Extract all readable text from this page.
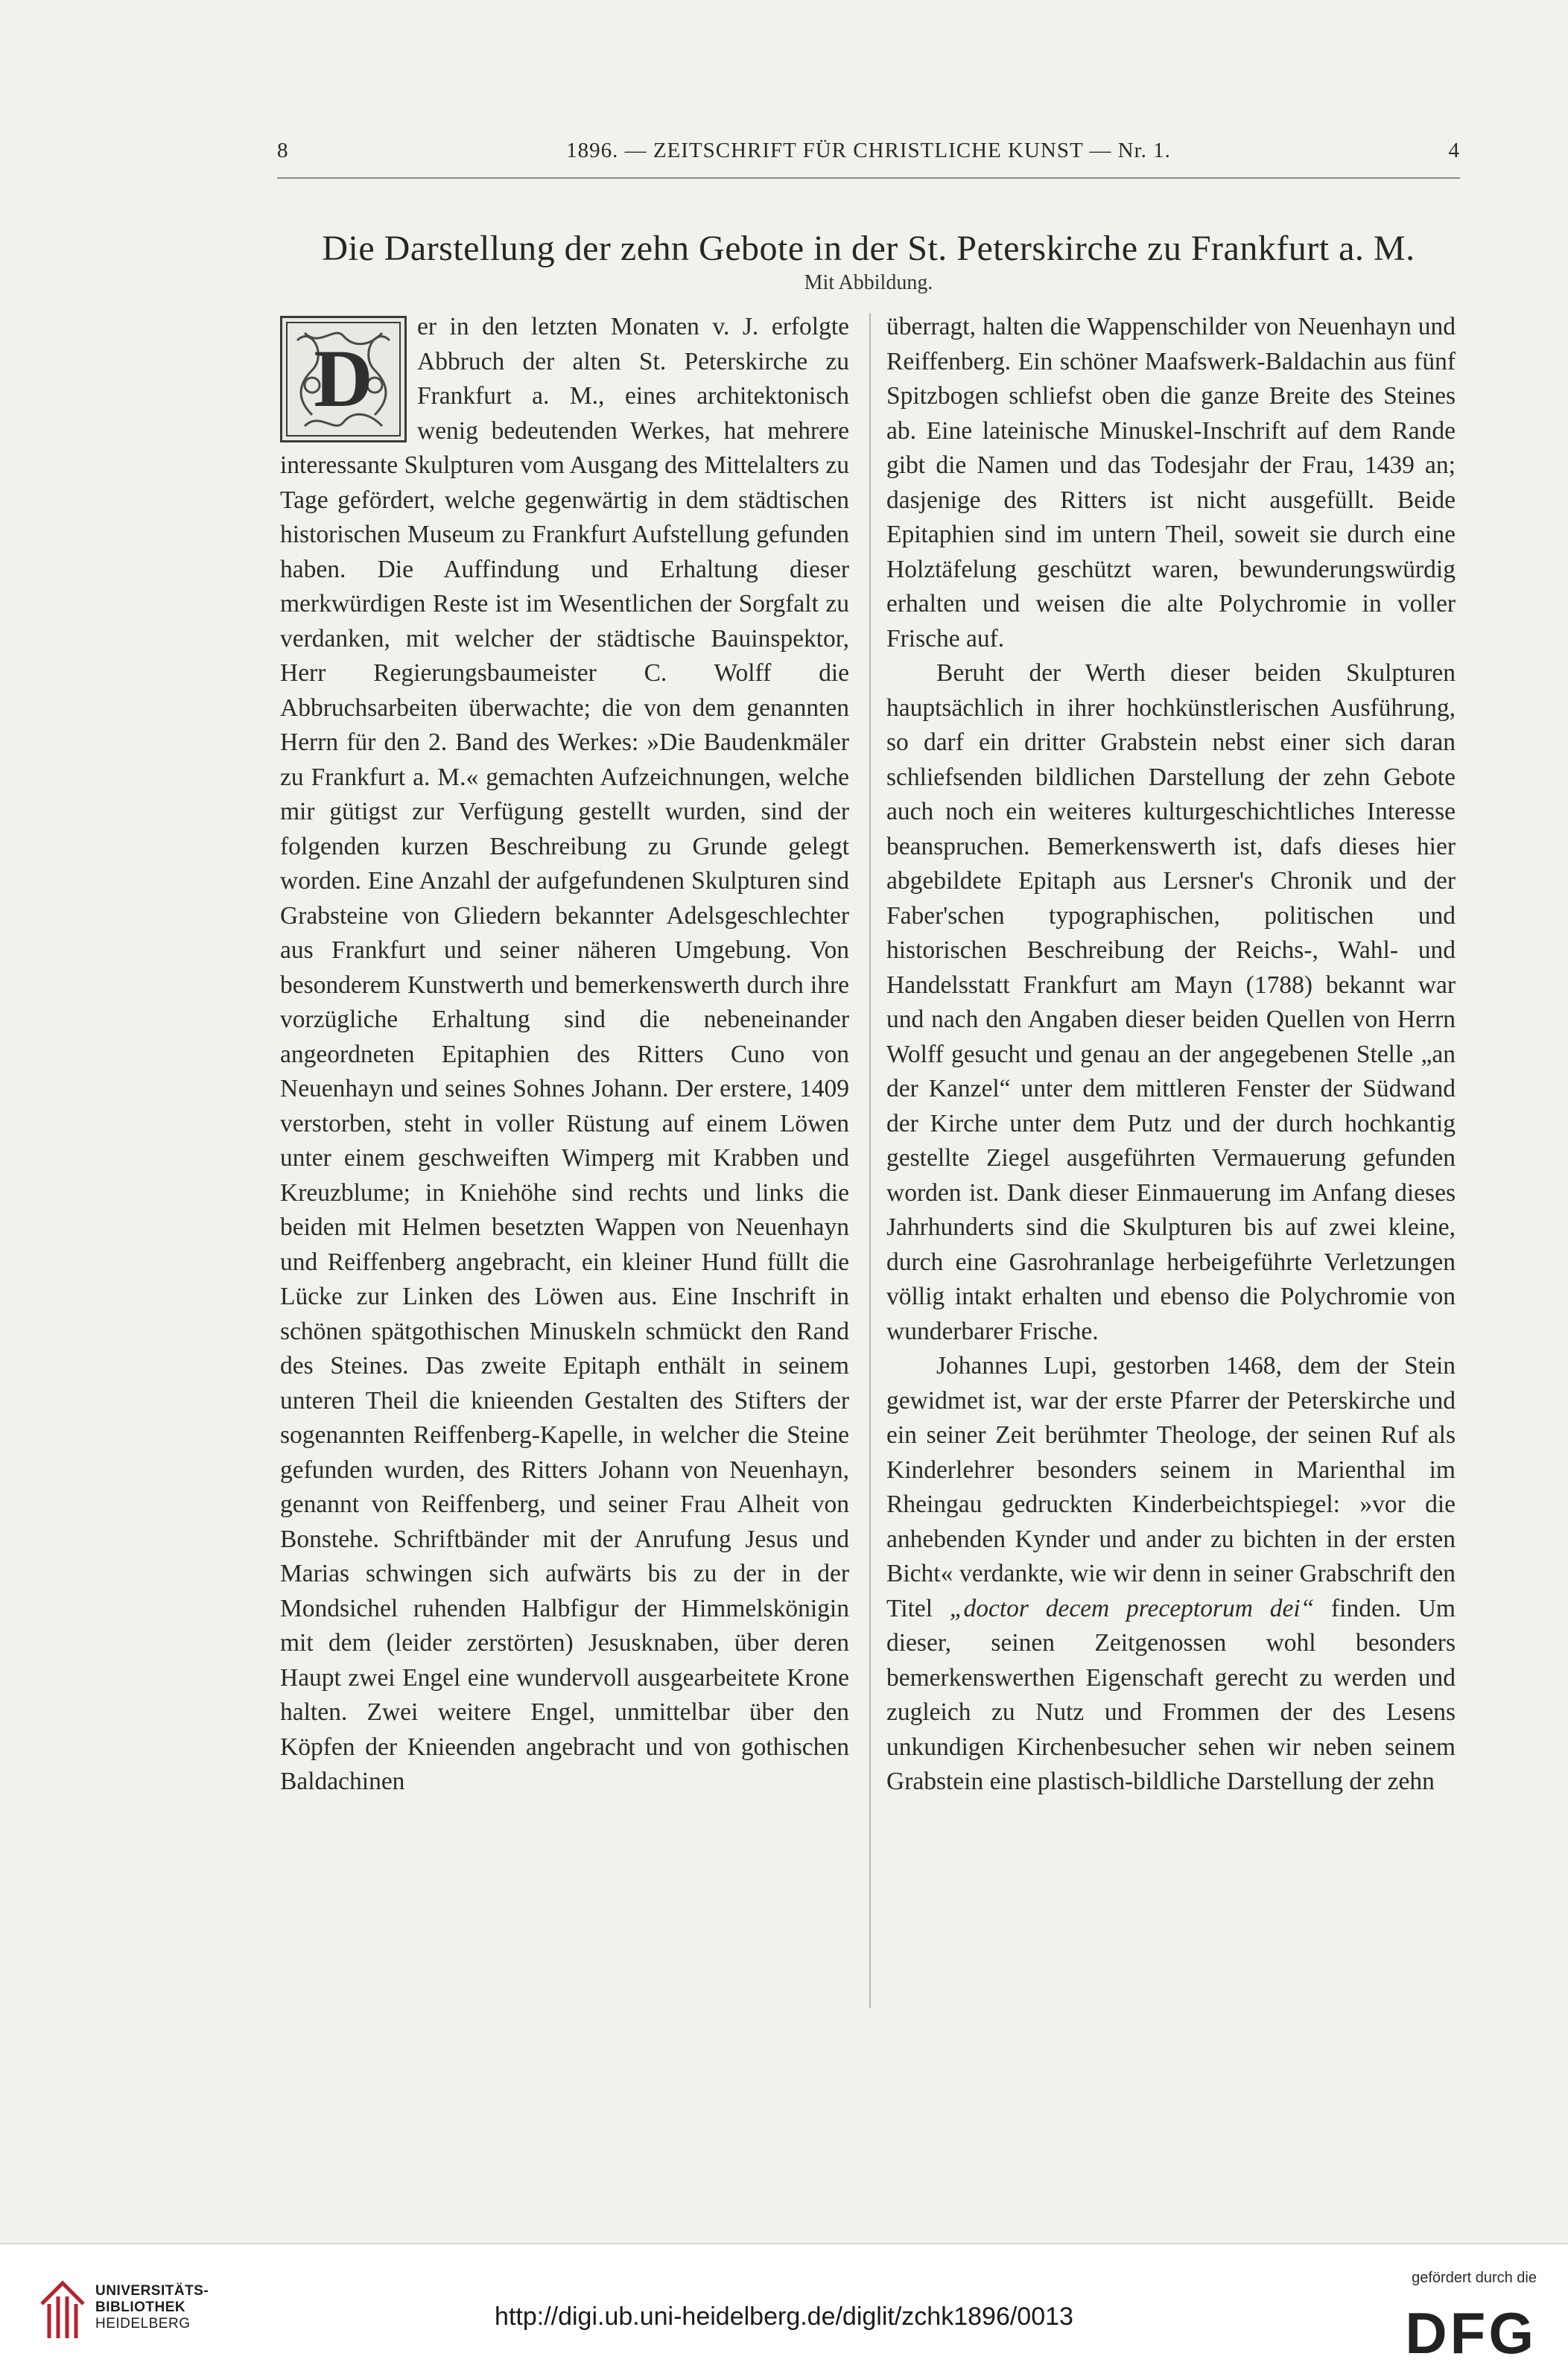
8	1896. — ZEITSCHRIFT FÜR CHRISTLICHE KUNST — Nr. 1.	4
Die Darstellung der zehn Gebote in der St. Peterskirche zu Frankfurt a. M.
Mit Abbildung.
D

er in den letzten Monaten v. J. erfolgte Abbruch der alten St. Peterskirche zu Frankfurt a. M., eines architektonisch wenig bedeutenden Werkes, hat mehrere interessante Skulpturen vom Ausgang des Mittelalters zu Tage gefördert, welche gegenwärtig in dem städtischen historischen Museum zu Frankfurt Aufstellung gefunden haben. Die Auffindung und Erhaltung dieser merkwürdigen Reste ist im Wesentlichen der Sorgfalt zu verdanken, mit welcher der städtische Bauinspektor, Herr Regierungsbaumeister C. Wolff die Abbruchsarbeiten überwachte; die von dem genannten Herrn für den 2. Band des Werkes: »Die Baudenkmäler zu Frankfurt a. M.« gemachten Aufzeichnungen, welche mir gütigst zur Verfügung gestellt wurden, sind der folgenden kurzen Beschreibung zu Grunde gelegt worden. Eine Anzahl der aufgefundenen Skulpturen sind Grabsteine von Gliedern bekannter Adelsgeschlechter aus Frankfurt und seiner näheren Umgebung. Von besonderem Kunstwerth und bemerkenswerth durch ihre vorzügliche Erhaltung sind die nebeneinander angeordneten Epitaphien des Ritters Cuno von Neuenhayn und seines Sohnes Johann. Der erstere, 1409 verstorben, steht in voller Rüstung auf einem Löwen unter einem geschweiften Wimperg mit Krabben und Kreuzblume; in Kniehöhe sind rechts und links die beiden mit Helmen besetzten Wappen von Neuenhayn und Reiffenberg angebracht, ein kleiner Hund füllt die Lücke zur Linken des Löwen aus. Eine Inschrift in schönen spätgothischen Minuskeln schmückt den Rand des Steines. Das zweite Epitaph enthält in seinem unteren Theil die knieenden Gestalten des Stifters der sogenannten Reiffenberg-Kapelle, in welcher die Steine gefunden wurden, des Ritters Johann von Neuenhayn, genannt von Reiffenberg, und seiner Frau Alheit von Bonstehe. Schriftbänder mit der Anrufung Jesus und Marias schwingen sich aufwärts bis zu der in der Mondsichel ruhenden Halbfigur der Himmelskönigin mit dem (leider zerstörten) Jesusknaben, über deren Haupt zwei Engel eine wundervoll ausgearbeitete Krone halten. Zwei weitere Engel, unmittelbar über den Köpfen der Knieenden angebracht und von gothischen Baldachinen

überragt, halten die Wappenschilder von Neuenhayn und Reiffenberg. Ein schöner Maafswerk-Baldachin aus fünf Spitzbogen schliefst oben die ganze Breite des Steines ab. Eine lateinische Minuskel-Inschrift auf dem Rande gibt die Namen und das Todesjahr der Frau, 1439 an; dasjenige des Ritters ist nicht ausgefüllt. Beide Epitaphien sind im untern Theil, soweit sie durch eine Holztäfelung geschützt waren, bewunderungswürdig erhalten und weisen die alte Polychromie in voller Frische auf.

Beruht der Werth dieser beiden Skulpturen hauptsächlich in ihrer hochkünstlerischen Ausführung, so darf ein dritter Grabstein nebst einer sich daran schliefsenden bildlichen Darstellung der zehn Gebote auch noch ein weiteres kulturgeschichtliches Interesse beanspruchen. Bemerkenswerth ist, dafs dieses hier abgebildete Epitaph aus Lersner's Chronik und der Faber'schen typographischen, politischen und historischen Beschreibung der Reichs-, Wahl- und Handelsstatt Frankfurt am Mayn (1788) bekannt war und nach den Angaben dieser beiden Quellen von Herrn Wolff gesucht und genau an der angegebenen Stelle „an der Kanzel“ unter dem mittleren Fenster der Südwand der Kirche unter dem Putz und der durch hochkantig gestellte Ziegel ausgeführten Vermauerung gefunden worden ist. Dank dieser Einmauerung im Anfang dieses Jahrhunderts sind die Skulpturen bis auf zwei kleine, durch eine Gasrohranlage herbeigeführte Verletzungen völlig intakt erhalten und ebenso die Polychromie von wunderbarer Frische.

Johannes Lupi, gestorben 1468, dem der Stein gewidmet ist, war der erste Pfarrer der Peterskirche und ein seiner Zeit berühmter Theologe, der seinen Ruf als Kinderlehrer besonders seinem in Marienthal im Rheingau gedruckten Kinderbeichtspiegel: »vor die anhebenden Kynder und ander zu bichten in der ersten Bicht« verdankte, wie wir denn in seiner Grabschrift den Titel „doctor decem preceptorum dei“ finden. Um dieser, seinen Zeitgenossen wohl besonders bemerkenswerthen Eigenschaft gerecht zu werden und zugleich zu Nutz und Frommen der des Lesens unkundigen Kirchenbesucher sehen wir neben seinem Grabstein eine plastisch-bildliche Darstellung der zehn

UNIVERSITÄTS-
BIBLIOTHEK
HEIDELBERG	http://digi.ub.uni-heidelberg.de/diglit/zchk1896/0013
gefördert durch die
DFG
